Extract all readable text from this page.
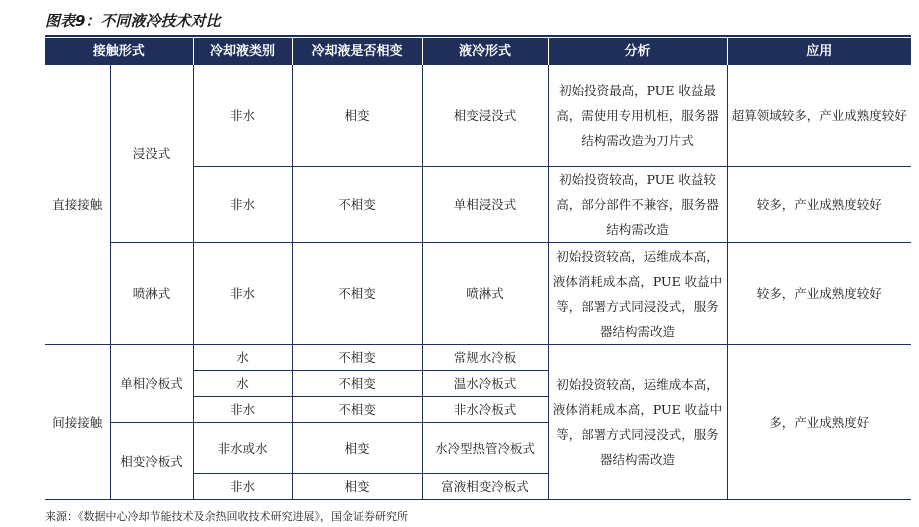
图表9：不同液冷技术对比
接触形式		冷却液类别	冷却液是否相变	液冷形式	分析	应用
直接接触	浸没式	非水	相变	相变浸没式	初始投资最高，PUE 收益最高，需使用专用机柜，服务器结构需改造为刀片式	超算领域较多，产业成熟度较好
		非水	不相变	单相浸没式	初始投资较高，PUE 收益较高，部分部件不兼容，服务器结构需改造	较多，产业成熟度较好
	喷淋式	非水	不相变	喷淋式	初始投资较高，运维成本高，液体消耗成本高，PUE 收益中等，部署方式同浸没式，服务器结构需改造	较多，产业成熟度较好
间接接触	单相冷板式	水	不相变	常规水冷板	初始投资较高，运维成本高，液体消耗成本高，PUE 收益中等，部署方式同浸没式，服务器结构需改造	多，产业成熟度好
		水	不相变	温水冷板式		
		非水	不相变	非水冷板式		
	相变冷板式	非水或水	相变	水冷型热管冷板式		
		非水	相变	富液相变冷板式		
来源：《数据中心冷却节能技术及余热回收技术研究进展》，国金证券研究所
